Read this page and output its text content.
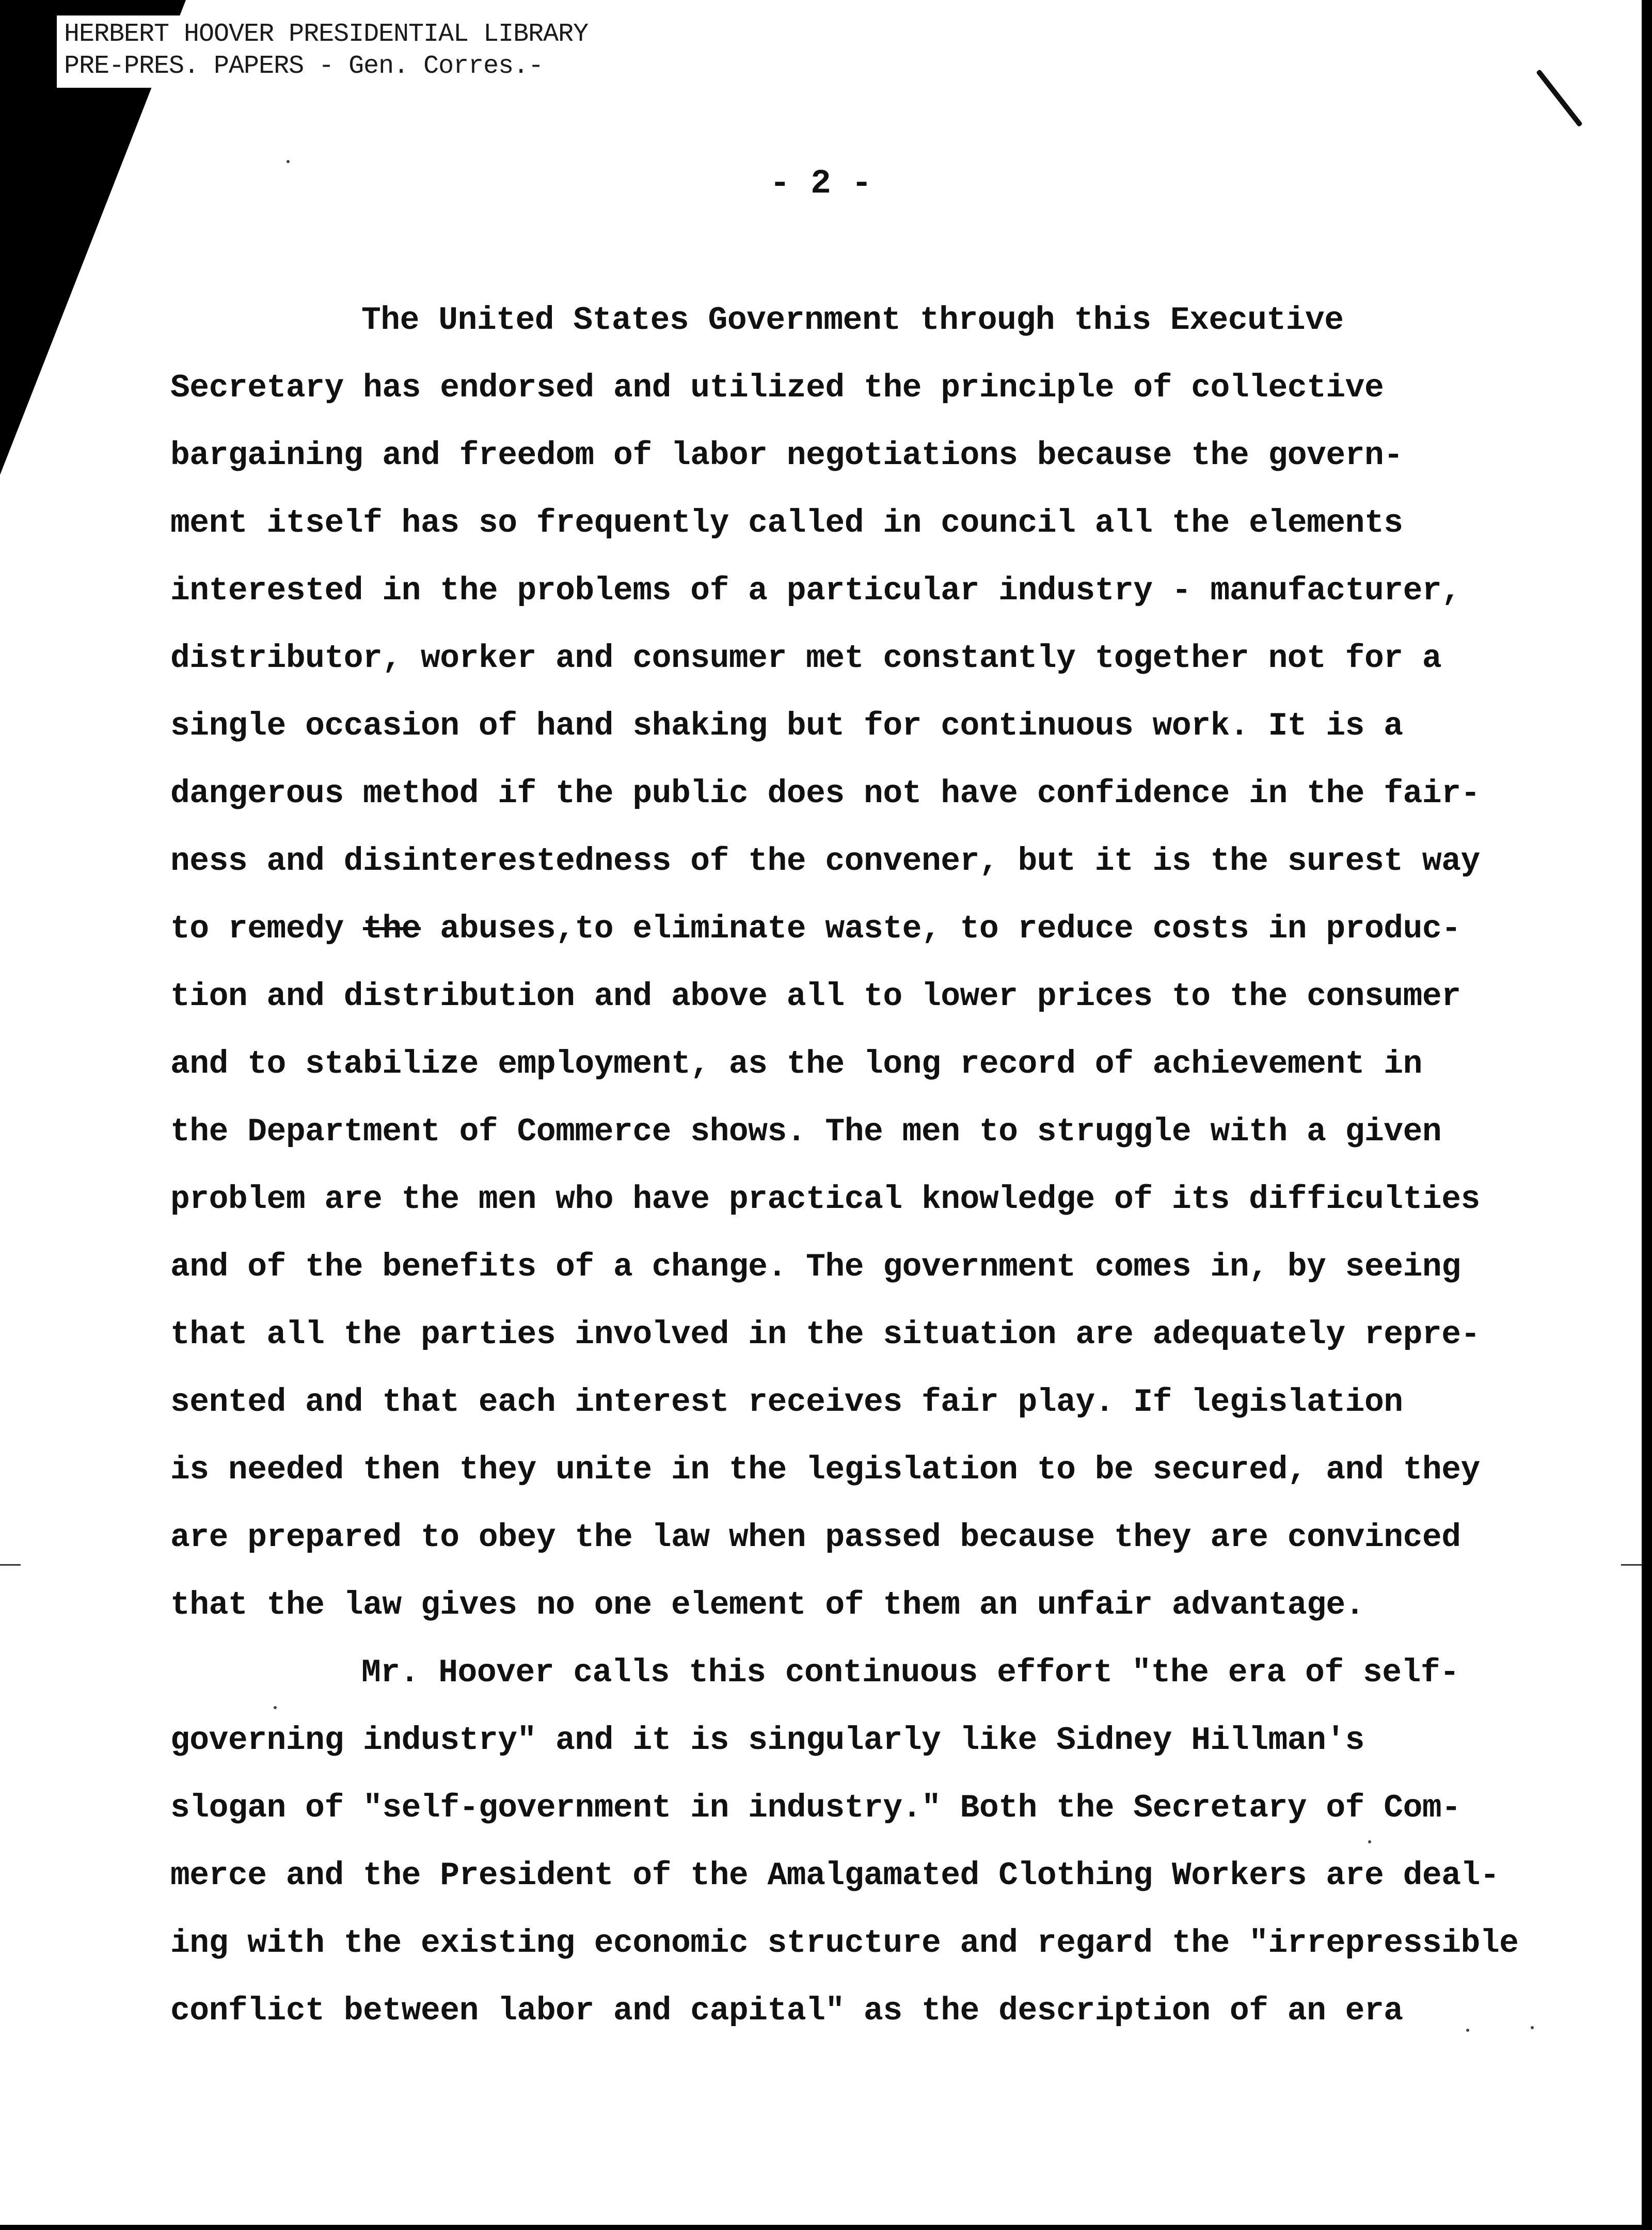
HERBERT HOOVER PRESIDENTIAL LIBRARY
PRE-PRES. PAPERS - Gen. Corres.-
- 2 -
The United States Government through this Executive
Secretary has endorsed and utilized the principle of collective
bargaining and freedom of labor negotiations because the govern-
ment itself has so frequently called in council all the elements
interested in the problems of a particular industry - manufacturer,
distributor, worker and consumer met constantly together not for a
single occasion of hand shaking but for continuous work. It is a
dangerous method if the public does not have confidence in the fair-
ness and disinterestedness of the convener, but it is the surest way
to remedy the abuses,to eliminate waste, to reduce costs in produc-
tion and distribution and above all to lower prices to the consumer
and to stabilize employment, as the long record of achievement in
the Department of Commerce shows. The men to struggle with a given
problem are the men who have practical knowledge of its difficulties
and of the benefits of a change. The government comes in, by seeing
that all the parties involved in the situation are adequately repre-
sented and that each interest receives fair play. If legislation
is needed then they unite in the legislation to be secured, and they
are prepared to obey the law when passed because they are convinced
that the law gives no one element of them an unfair advantage.
Mr. Hoover calls this continuous effort "the era of self-
governing industry" and it is singularly like Sidney Hillman's
slogan of "self-government in industry." Both the Secretary of Com-
merce and the President of the Amalgamated Clothing Workers are deal-
ing with the existing economic structure and regard the "irrepressible
conflict between labor and capital" as the description of an era
